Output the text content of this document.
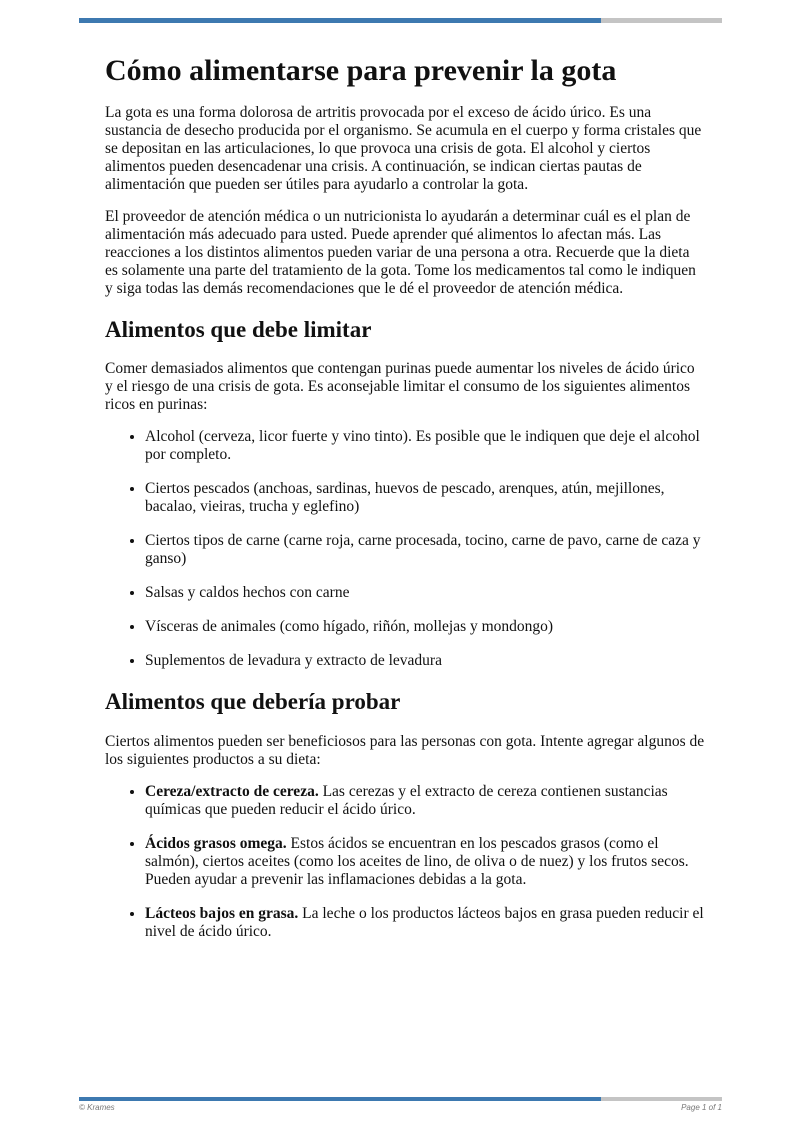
Cómo alimentarse para prevenir la gota

La gota es una forma dolorosa de artritis provocada por el exceso de ácido úrico. Es una sustancia de desecho producida por el organismo. Se acumula en el cuerpo y forma cristales que se depositan en las articulaciones, lo que provoca una crisis de gota. El alcohol y ciertos alimentos pueden desencadenar una crisis. A continuación, se indican ciertas pautas de alimentación que pueden ser útiles para ayudarlo a controlar la gota.

El proveedor de atención médica o un nutricionista lo ayudarán a determinar cuál es el plan de alimentación más adecuado para usted. Puede aprender qué alimentos lo afectan más. Las reacciones a los distintos alimentos pueden variar de una persona a otra. Recuerde que la dieta es solamente una parte del tratamiento de la gota. Tome los medicamentos tal como le indiquen y siga todas las demás recomendaciones que le dé el proveedor de atención médica.

Alimentos que debe limitar

Comer demasiados alimentos que contengan purinas puede aumentar los niveles de ácido úrico y el riesgo de una crisis de gota. Es aconsejable limitar el consumo de los siguientes alimentos ricos en purinas:

• Alcohol (cerveza, licor fuerte y vino tinto). Es posible que le indiquen que deje el alcohol por completo.
• Ciertos pescados (anchoas, sardinas, huevos de pescado, arenques, atún, mejillones, bacalao, vieiras, trucha y eglefino)
• Ciertos tipos de carne (carne roja, carne procesada, tocino, carne de pavo, carne de caza y ganso)
• Salsas y caldos hechos con carne
• Vísceras de animales (como hígado, riñón, mollejas y mondongo)
• Suplementos de levadura y extracto de levadura
Alimentos que debería probar

Ciertos alimentos pueden ser beneficiosos para las personas con gota. Intente agregar algunos de los siguientes productos a su dieta:

• Cereza/extracto de cereza. Las cerezas y el extracto de cereza contienen sustancias químicas que pueden reducir el ácido úrico.
• Ácidos grasos omega. Estos ácidos se encuentran en los pescados grasos (como el salmón), ciertos aceites (como los aceites de lino, de oliva o de nuez) y los frutos secos. Pueden ayudar a prevenir las inflamaciones debidas a la gota.
• Lácteos bajos en grasa. La leche o los productos lácteos bajos en grasa pueden reducir el nivel de ácido úrico.
© Krames	Page 1 of 1
